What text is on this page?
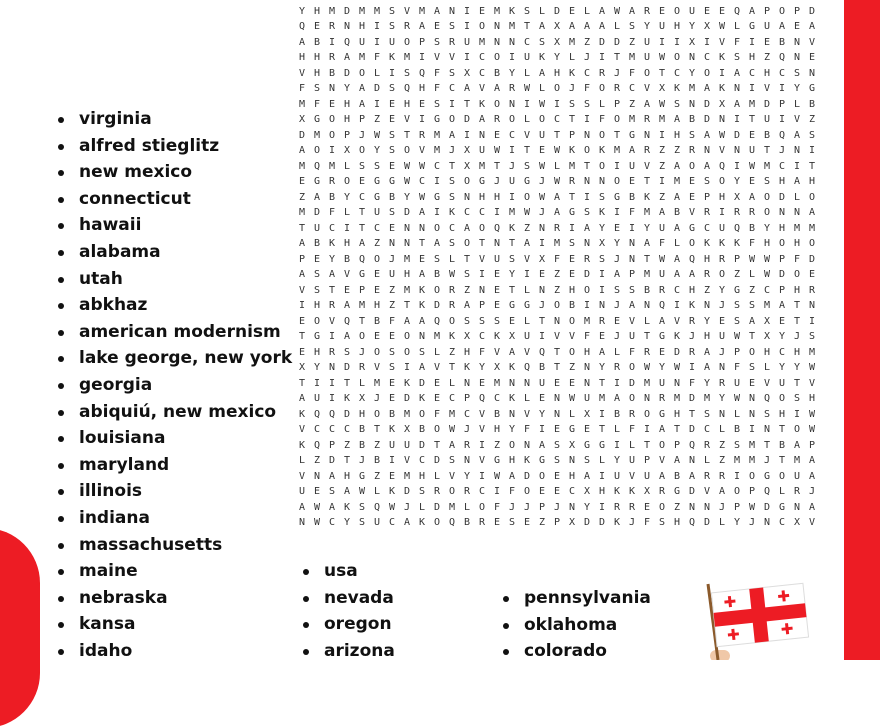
Y H M D M M S V M A N I E M K S L D E L A W A R E O U E E Q A P O P D
Q E R N H I S R A E S I O N M T A X A A A L S Y U H Y X W L G U A E A
A B I Q U I U O P S R U M N N C S X M Z D D Z U I I X I V F I E B N V
H H R A M F K M I V V I C O I U K Y L J I T M U W O N C K S H Z Q N E
V H B D O L I S Q F S X C B Y L A H K C R J F O T C Y O I A C H C S N
F S N Y A D S Q H F C A V A R W L O J F O R C V X K M A K N I V I Y G
M F E H A I E H E S I T K O N I W I S S L P Z A W S N D X A M D P L B
X G O H P Z E V I G O D A R O L O C T I F O M R M A B D N I T U I V Z
D M O P J W S T R M A I N E C V U T P N O T G N I H S A W D E B Q A S
A O I X O Y S O V M J X U W I T E W K O K M A R Z Z R N V N U T J N I
M Q M L S S E W W C T X M T J S W L M T O I U V Z A O A Q I W M C I T
E G R O E G G W C I S O G J U G J W R N N O E T I M E S O Y E S H A H
Z A B Y C G B Y W G S N H H I O W A T I S G B K Z A E P H X A O D L O
M D F L T U S D A I K C C I M W J A G S K I F M A B V R I R R O N N A
T U C I T C E N N O C A O Q K Z N R I A Y E I Y U A G C U Q B Y H M M
A B K H A Z N N T A S O T N T A I M S N X Y N A F L O K K K F H O H O
P E Y B Q O J M E S L T V U S V X F E R S J N T W A Q H R P W W P F D
A S A V G E U H A B W S I E Y I E Z E D I A P M U A A R O Z L W D O E
V S T E P E Z M K O R Z N E T L N Z H O I S S B R C H Z Y G Z C P H R
I H R A M H Z T K D R A P E G G J O B I N J A N Q I K N J S S M A T N
E O V Q T B F A A Q O S S S E L T N O M R E V L A V R Y E S A X E T I
T G I A O E E O N M K X C K X U I V V F E J U T G K J H U W T X Y J S
E H R S J O S O S L Z H F V A V Q T O H A L F R E D R A J P O H C H M
X Y N D R V S I A V T K Y X K Q B T Z N Y R O W Y W I A N F S L Y Y W
T I I T L M E K D E L N E M N N U E E N T I D M U N F Y R U E V U T V
A U I K X J E D K E C P Q C K L E N W U M A O N R M D M Y W N Q O S H
K Q Q D H O B M O F M C V B N V Y N L X I B R O G H T S N L N S H I W
V C C C B T K X B O W J V H Y F I E G E T L F I A T D C L B I N T O W
K Q P Z B Z U U D T A R I Z O N A S X G G I L T O P Q R Z S M T B A P
L Z D T J B I V C D S N V G H K G S N S L Y U P V A N L Z M M J T M A
V N A H G Z E M H L V Y I W A D O E H A I U V U A B A R R I O G O U A
U E S A W L K D S R O R C I F O E E C X H K K X R G D V A O P Q L R J
A W A K S Q W J L D M L O F J J P J N Y I R R E O Z N N J P W D G N A
N W C Y S U C A K O Q B R E S E Z P X D D K J F S H Q D L Y J N C X V
virginia
alfred stieglitz
new mexico
connecticut
hawaii
alabama
utah
abkhaz
american modernism
lake george, new york
georgia
abiquiú, new mexico
louisiana
maryland
illinois
indiana
massachusetts
maine
nebraska
kansa
idaho
usa
nevada
oregon
arizona
pennsylvania
oklahoma
colorado
